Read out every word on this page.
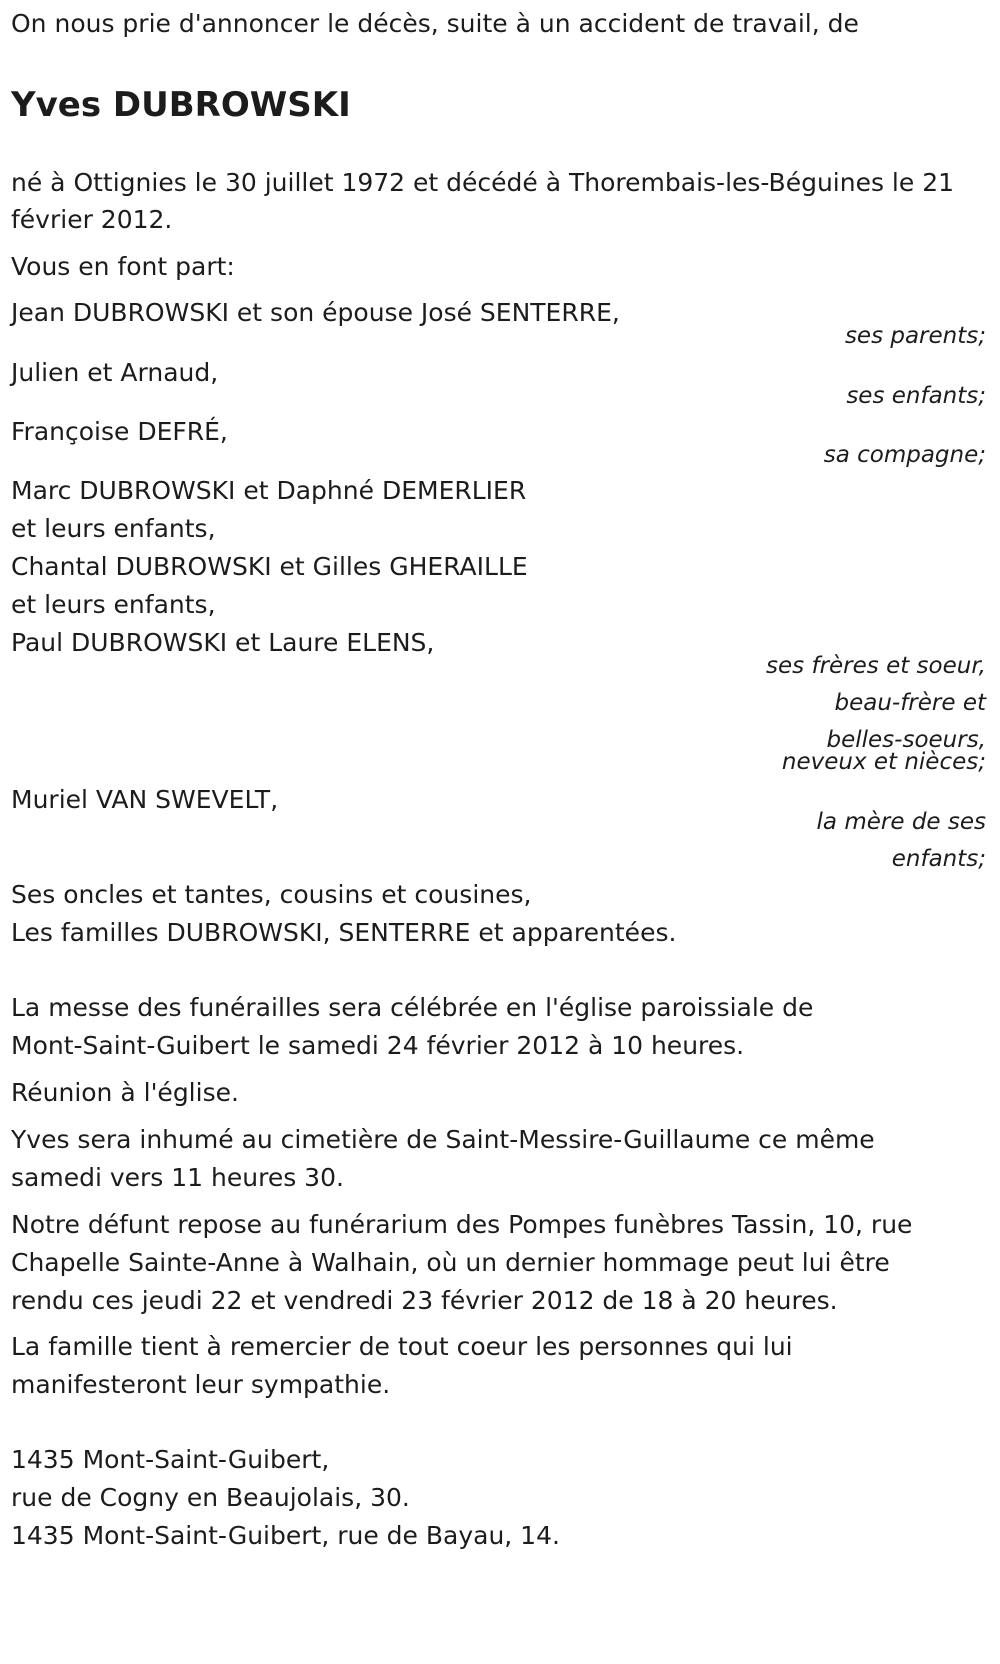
On nous prie d'annoncer le décès, suite à un accident de travail, de
Yves DUBROWSKI
né à Ottignies le 30 juillet 1972 et décédé à Thorembais-les-Béguines le 21
février 2012.
Vous en font part:
Jean DUBROWSKI et son épouse José SENTERRE,
ses parents;
Julien et Arnaud,
ses enfants;
Françoise DEFRÉ,
sa compagne;
Marc DUBROWSKI et Daphné DEMERLIER
et leurs enfants,
Chantal DUBROWSKI et Gilles GHERAILLE
et leurs enfants,
Paul DUBROWSKI et Laure ELENS,
ses frères et soeur,
beau-frère et
belles-soeurs,
neveux et nièces;
Muriel VAN SWEVELT,
la mère de ses
enfants;
Ses oncles et tantes, cousins et cousines,
Les familles DUBROWSKI, SENTERRE et apparentées.
La messe des funérailles sera célébrée en l'église paroissiale de
Mont-Saint-Guibert le samedi 24 février 2012 à 10 heures.
Réunion à l'église.
Yves sera inhumé au cimetière de Saint-Messire-Guillaume ce même
samedi vers 11 heures 30.
Notre défunt repose au funérarium des Pompes funèbres Tassin, 10, rue
Chapelle Sainte-Anne à Walhain, où un dernier hommage peut lui être
rendu ces jeudi 22 et vendredi 23 février 2012 de 18 à 20 heures.
La famille tient à remercier de tout coeur les personnes qui lui
manifesteront leur sympathie.
1435 Mont-Saint-Guibert,
rue de Cogny en Beaujolais, 30.
1435 Mont-Saint-Guibert, rue de Bayau, 14.
